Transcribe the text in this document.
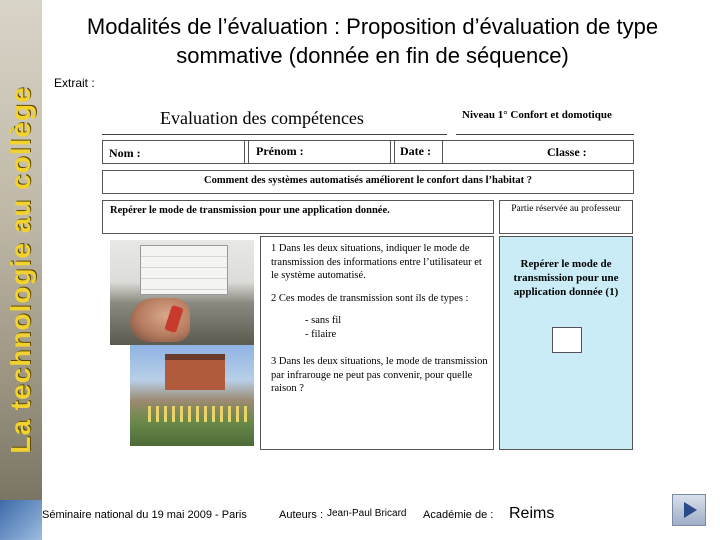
La technologie au collège
Modalités de l’évaluation : Proposition d’évaluation de type sommative (donnée en fin de séquence)
Extrait :
Evaluation des compétences	Niveau 1° Confort et domotique
Nom :	Prénom :	Date :	Classe :
Comment des systèmes automatisés améliorent le confort dans l’habitat ?
Repérer le mode de transmission pour une application donnée.	Partie réservée au professeur

1 Dans les deux situations, indiquer le mode de transmission des informations entre l’utilisateur et le système automatisé.

2 Ces modes de transmission sont ils de types :

- sans fil

- filaire

3 Dans les deux situations, le mode de transmission par infrarouge ne peut pas convenir, pour quelle raison ?

Repérer le mode de transmission pour une application donnée (1)
Séminaire national du 19 mai 2009 - Paris	Auteurs : Jean-Paul Bricard Académie de : Reims
